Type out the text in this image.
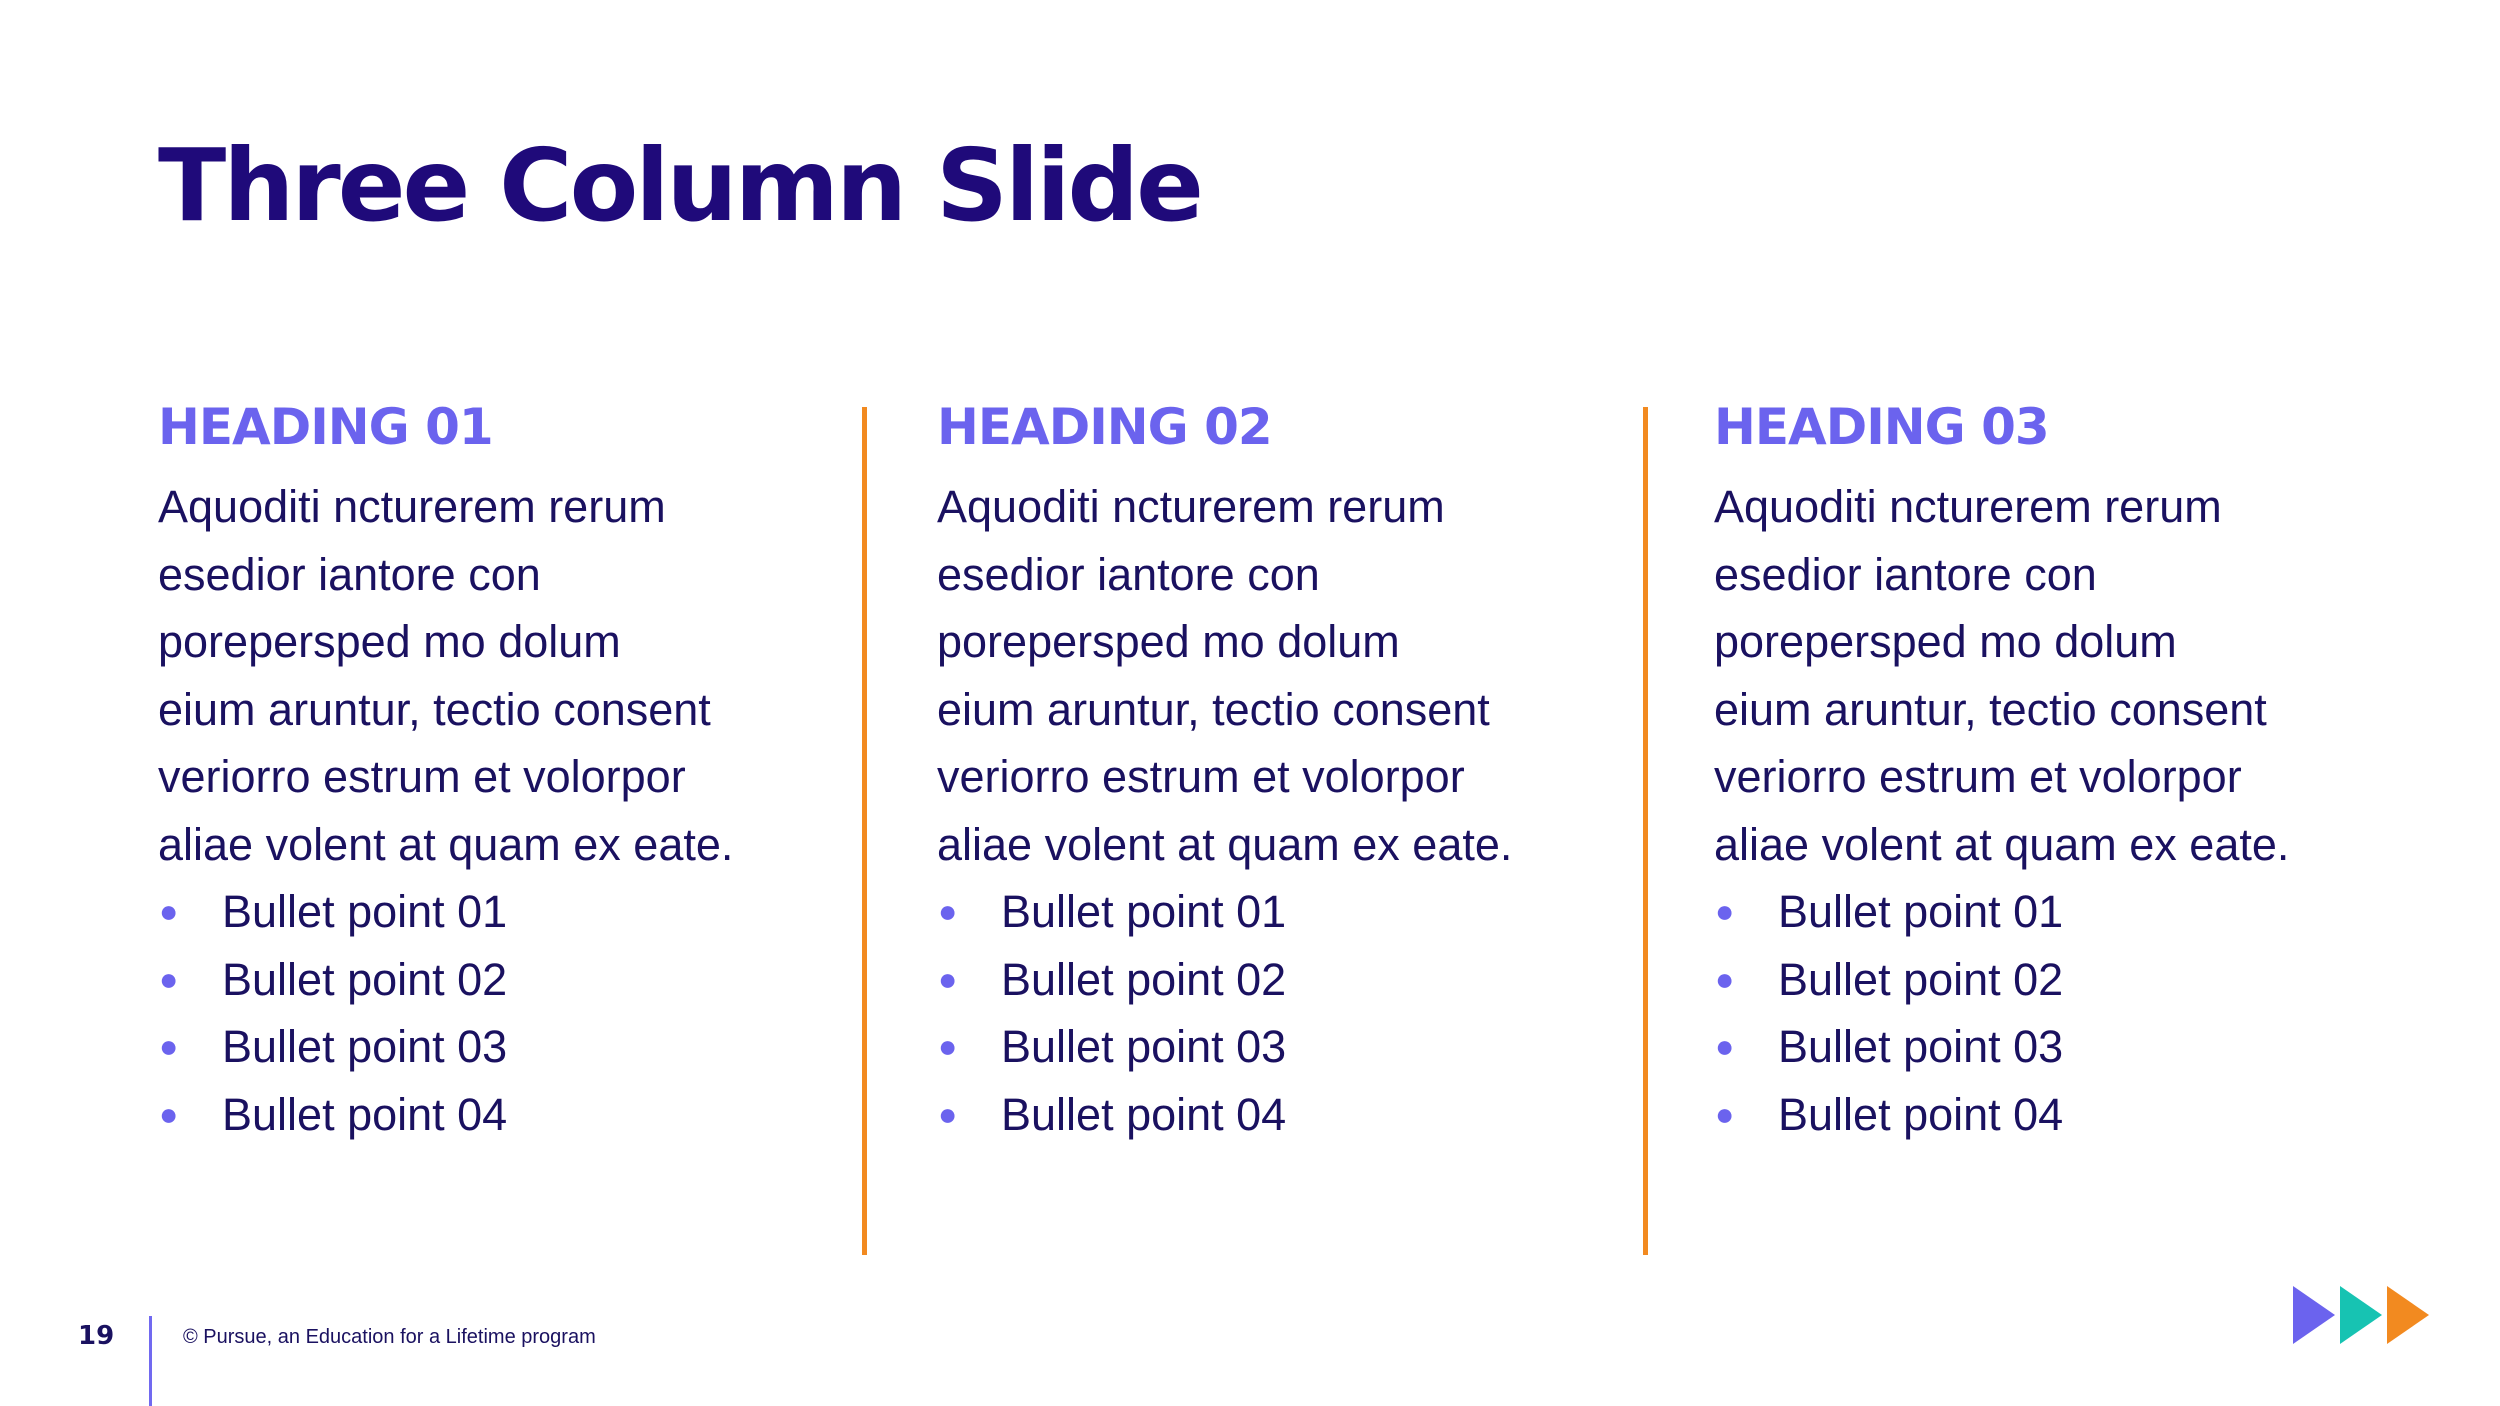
Three Column Slide
HEADING 01

Aquoditi ncturerem rerum
esedior iantore con
porepersped mo dolum
eium aruntur, tectio consent
veriorro estrum et volorpor
aliae volent at quam ex eate.

● Bullet point 01
● Bullet point 02
● Bullet point 03
● Bullet point 04
HEADING 02

Aquoditi ncturerem rerum
esedior iantore con
porepersped mo dolum
eium aruntur, tectio consent
veriorro estrum et volorpor
aliae volent at quam ex eate.

● Bullet point 01
● Bullet point 02
● Bullet point 03
● Bullet point 04
HEADING 03

Aquoditi ncturerem rerum
esedior iantore con
porepersped mo dolum
eium aruntur, tectio consent
veriorro estrum et volorpor
aliae volent at quam ex eate.

● Bullet point 01
● Bullet point 02
● Bullet point 03
● Bullet point 04
19	© Pursue, an Education for a Lifetime program
